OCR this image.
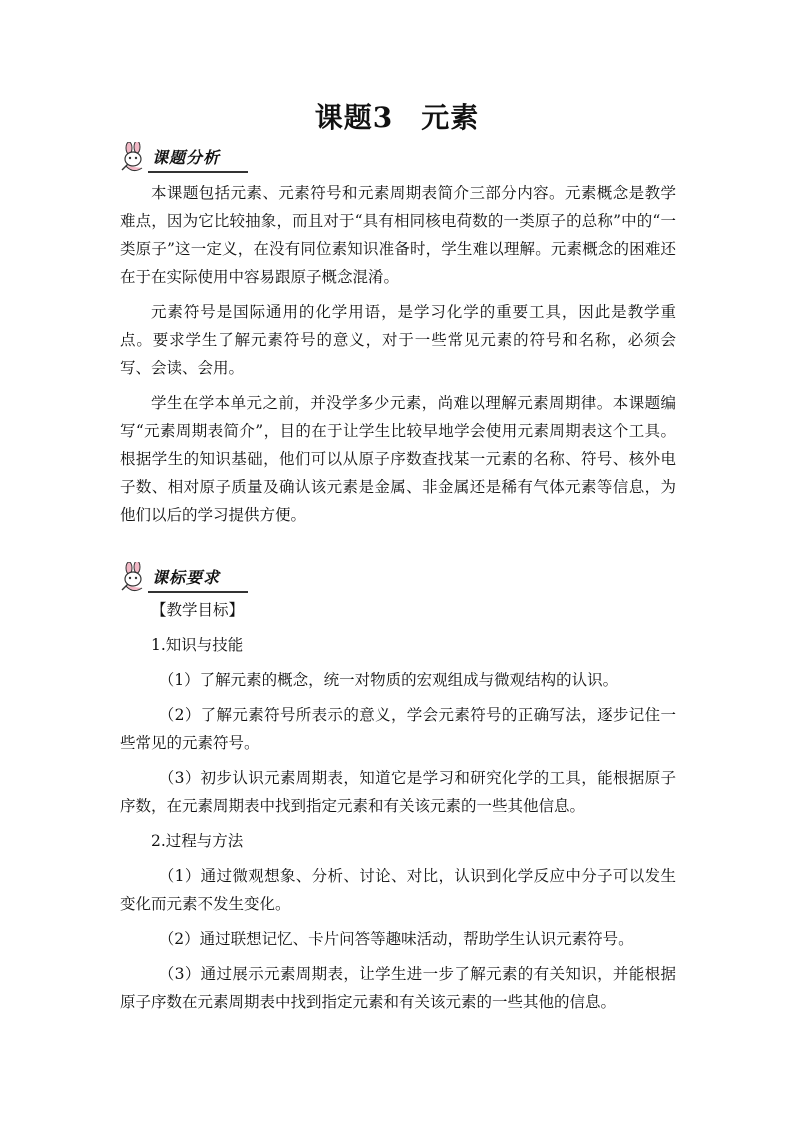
课题3 元素
课题分析

本课题包括元素、元素符号和元素周期表简介三部分内容。元素概念是教学难点，因为它比较抽象，而且对于“具有相同核电荷数的一类原子的总称”中的“一类原子”这一定义，在没有同位素知识准备时，学生难以理解。元素概念的困难还在于在实际使用中容易跟原子概念混淆。

元素符号是国际通用的化学用语，是学习化学的重要工具，因此是教学重点。要求学生了解元素符号的意义，对于一些常见元素的符号和名称，必须会写、会读、会用。

学生在学本单元之前，并没学多少元素，尚难以理解元素周期律。本课题编写“元素周期表简介”，目的在于让学生比较早地学会使用元素周期表这个工具。根据学生的知识基础，他们可以从原子序数查找某一元素的名称、符号、核外电子数、相对原子质量及确认该元素是金属、非金属还是稀有气体元素等信息，为他们以后的学习提供方便。

课标要求
【教学目标】
1.知识与技能
（1）了解元素的概念，统一对物质的宏观组成与微观结构的认识。
（2）了解元素符号所表示的意义，学会元素符号的正确写法，逐步记住一些常见的元素符号。
（3）初步认识元素周期表，知道它是学习和研究化学的工具，能根据原子序数，在元素周期表中找到指定元素和有关该元素的一些其他信息。
2.过程与方法
（1）通过微观想象、分析、讨论、对比，认识到化学反应中分子可以发生变化而元素不发生变化。
（2）通过联想记忆、卡片问答等趣味活动，帮助学生认识元素符号。
（3）通过展示元素周期表，让学生进一步了解元素的有关知识，并能根据原子序数在元素周期表中找到指定元素和有关该元素的一些其他的信息。
